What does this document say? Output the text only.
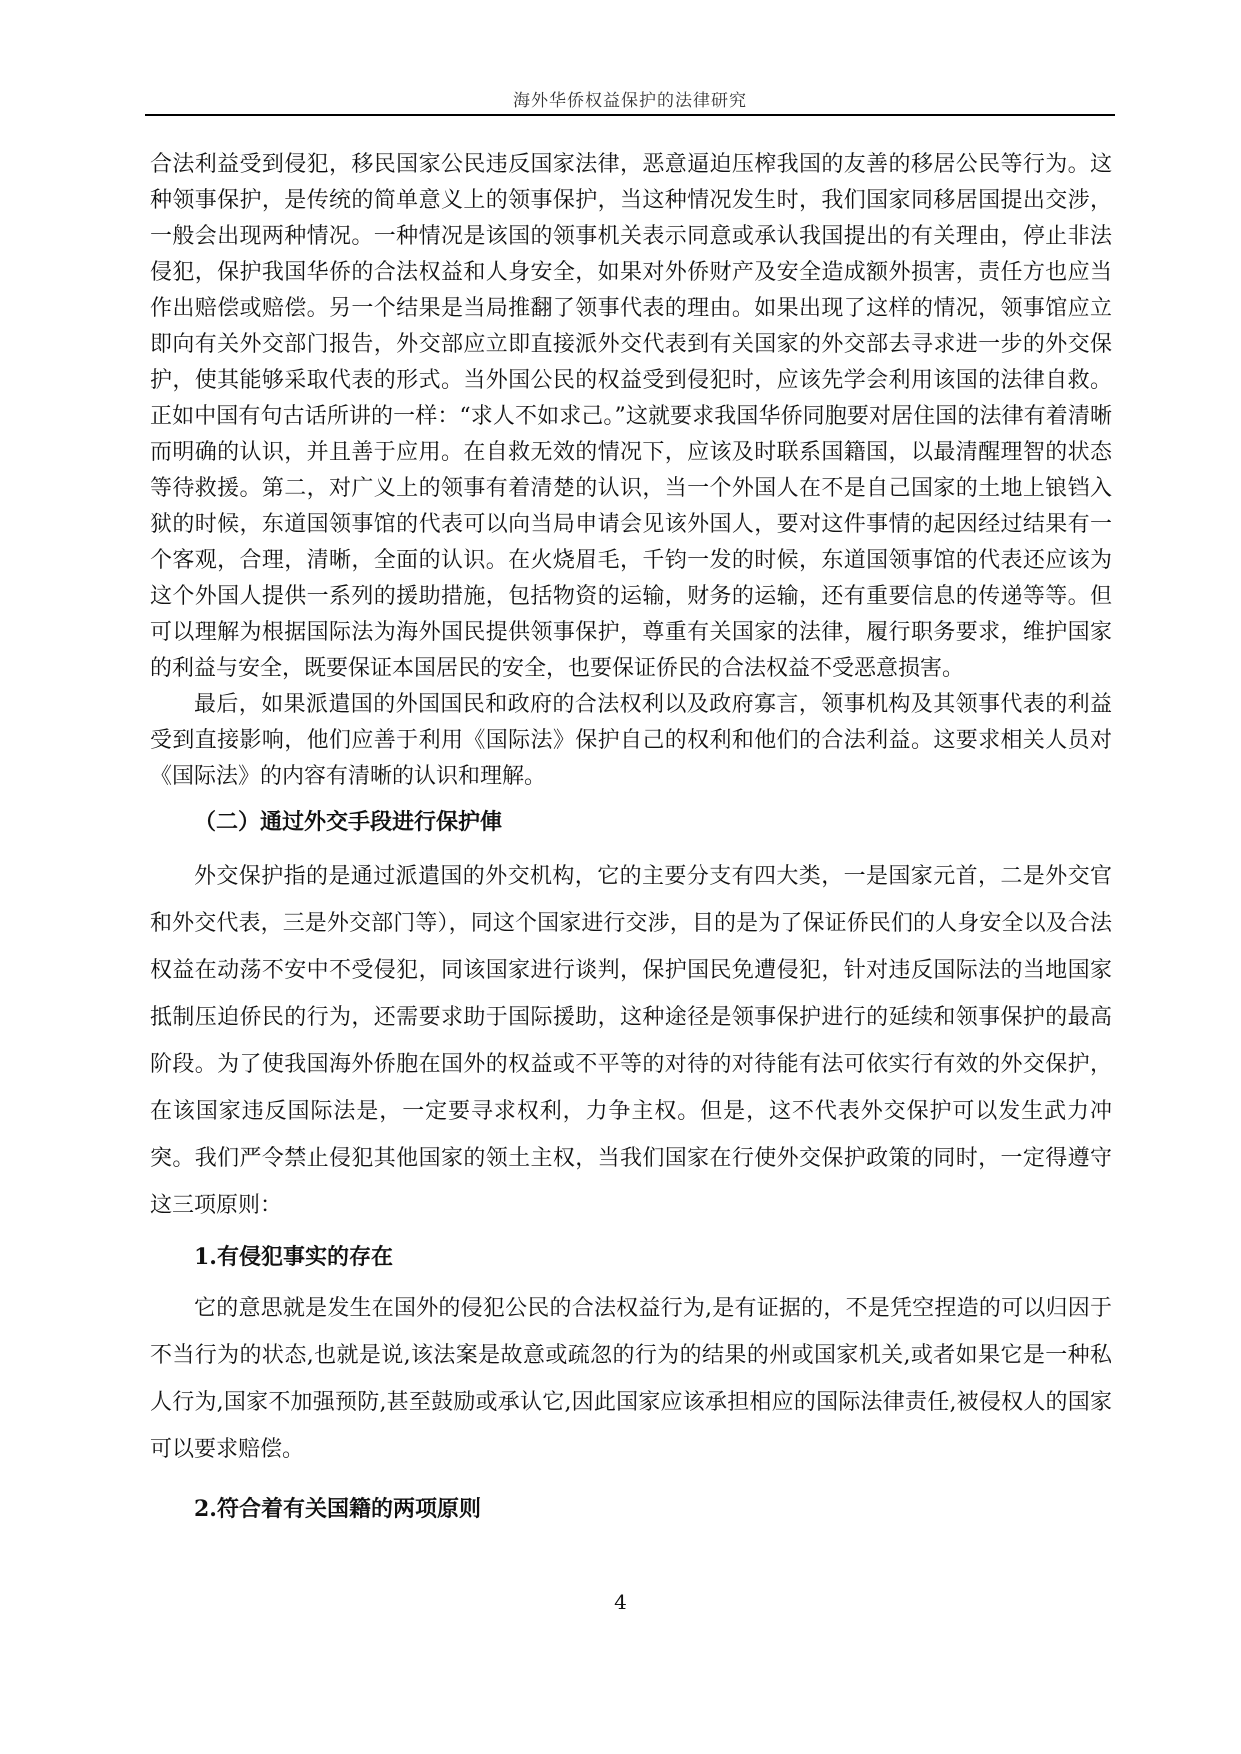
海外华侨权益保护的法律研究

合法利益受到侵犯，移民国家公民违反国家法律，恶意逼迫压榨我国的友善的移居公民等行为。这种领事保护，是传统的简单意义上的领事保护，当这种情况发生时，我们国家同移居国提出交涉，一般会出现两种情况。一种情况是该国的领事机关表示同意或承认我国提出的有关理由，停止非法侵犯，保护我国华侨的合法权益和人身安全，如果对外侨财产及安全造成额外损害，责任方也应当作出赔偿或赔偿。另一个结果是当局推翻了领事代表的理由。如果出现了这样的情况，领事馆应立即向有关外交部门报告，外交部应立即直接派外交代表到有关国家的外交部去寻求进一步的外交保护，使其能够采取代表的形式。当外国公民的权益受到侵犯时，应该先学会利用该国的法律自救。正如中国有句古话所讲的一样：“求人不如求己。”这就要求我国华侨同胞要对居住国的法律有着清晰而明确的认识，并且善于应用。在自救无效的情况下，应该及时联系国籍国，以最清醒理智的状态等待救援。第二，对广义上的领事有着清楚的认识，当一个外国人在不是自己国家的土地上锒铛入狱的时候，东道国领事馆的代表可以向当局申请会见该外国人，要对这件事情的起因经过结果有一个客观，合理，清晰，全面的认识。在火烧眉毛，千钧一发的时候，东道国领事馆的代表还应该为这个外国人提供一系列的援助措施，包括物资的运输，财务的运输，还有重要信息的传递等等。但可以理解为根据国际法为海外国民提供领事保护，尊重有关国家的法律，履行职务要求，维护国家的利益与安全，既要保证本国居民的安全，也要保证侨民的合法权益不受恶意损害。

最后，如果派遣国的外国国民和政府的合法权利以及政府寡言，领事机构及其领事代表的利益受到直接影响，他们应善于利用《国际法》保护自己的权利和他们的合法利益。这要求相关人员对《国际法》的内容有清晰的认识和理解。

（二）通过外交手段进行保护俥

外交保护指的是通过派遣国的外交机构，它的主要分支有四大类，一是国家元首，二是外交官和外交代表，三是外交部门等），同这个国家进行交涉，目的是为了保证侨民们的人身安全以及合法权益在动荡不安中不受侵犯，同该国家进行谈判，保护国民免遭侵犯，针对违反国际法的当地国家抵制压迫侨民的行为，还需要求助于国际援助，这种途径是领事保护进行的延续和领事保护的最高阶段。为了使我国海外侨胞在国外的权益或不平等的对待的对待能有法可依实行有效的外交保护，在该国家违反国际法是，一定要寻求权利，力争主权。但是，这不代表外交保护可以发生武力冲突。我们严令禁止侵犯其他国家的领土主权，当我们国家在行使外交保护政策的同时，一定得遵守这三项原则：

1.有侵犯事实的存在

它的意思就是发生在国外的侵犯公民的合法权益行为,是有证据的，不是凭空捏造的可以归因于不当行为的状态,也就是说,该法案是故意或疏忽的行为的结果的州或国家机关,或者如果它是一种私人行为,国家不加强预防,甚至鼓励或承认它,因此国家应该承担相应的国际法律责任,被侵权人的国家可以要求赔偿。

2.符合着有关国籍的两项原则
4
